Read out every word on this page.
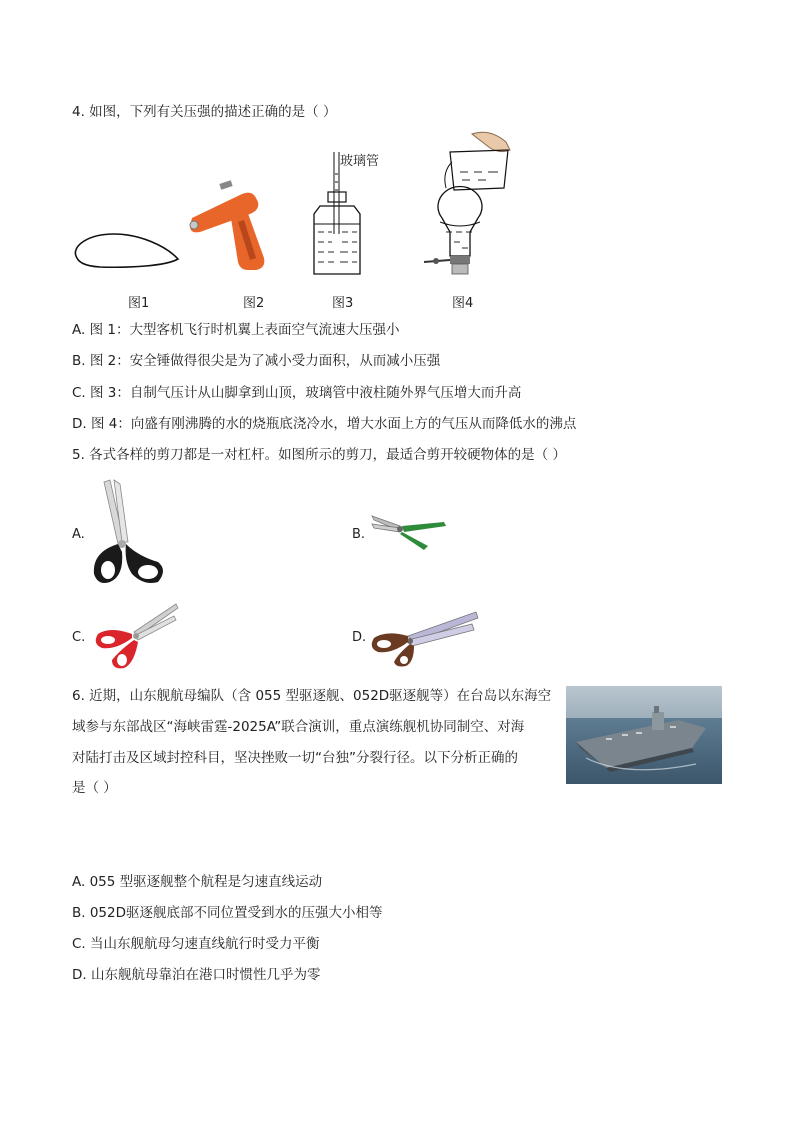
4. 如图，下列有关压强的描述正确的是（ ）
玻璃管
图1	图2	图3	图4
A. 图 1：大型客机飞行时机翼上表面空气流速大压强小
B. 图 2：安全锤做得很尖是为了减小受力面积，从而减小压强
C. 图 3：自制气压计从山脚拿到山顶，玻璃管中液柱随外界气压增大而升高
D. 图 4：向盛有刚沸腾的水的烧瓶底浇冷水，增大水面上方的气压从而降低水的沸点
5. 各式各样的剪刀都是一对杠杆。如图所示的剪刀，最适合剪开较硬物体的是（ ）
A.	B.
C.	D.
6. 近期，山东舰航母编队（含 055 型驱逐舰、052D驱逐舰等）在台岛以东海空
域参与东部战区“海峡雷霆-2025A”联合演训，重点演练舰机协同制空、对海
对陆打击及区域封控科目，坚决挫败一切“台独”分裂行径。以下分析正确的
是（ ）
A. 055 型驱逐舰整个航程是匀速直线运动
B. 052D驱逐舰底部不同位置受到水的压强大小相等
C. 当山东舰航母匀速直线航行时受力平衡
D. 山东舰航母靠泊在港口时惯性几乎为零
